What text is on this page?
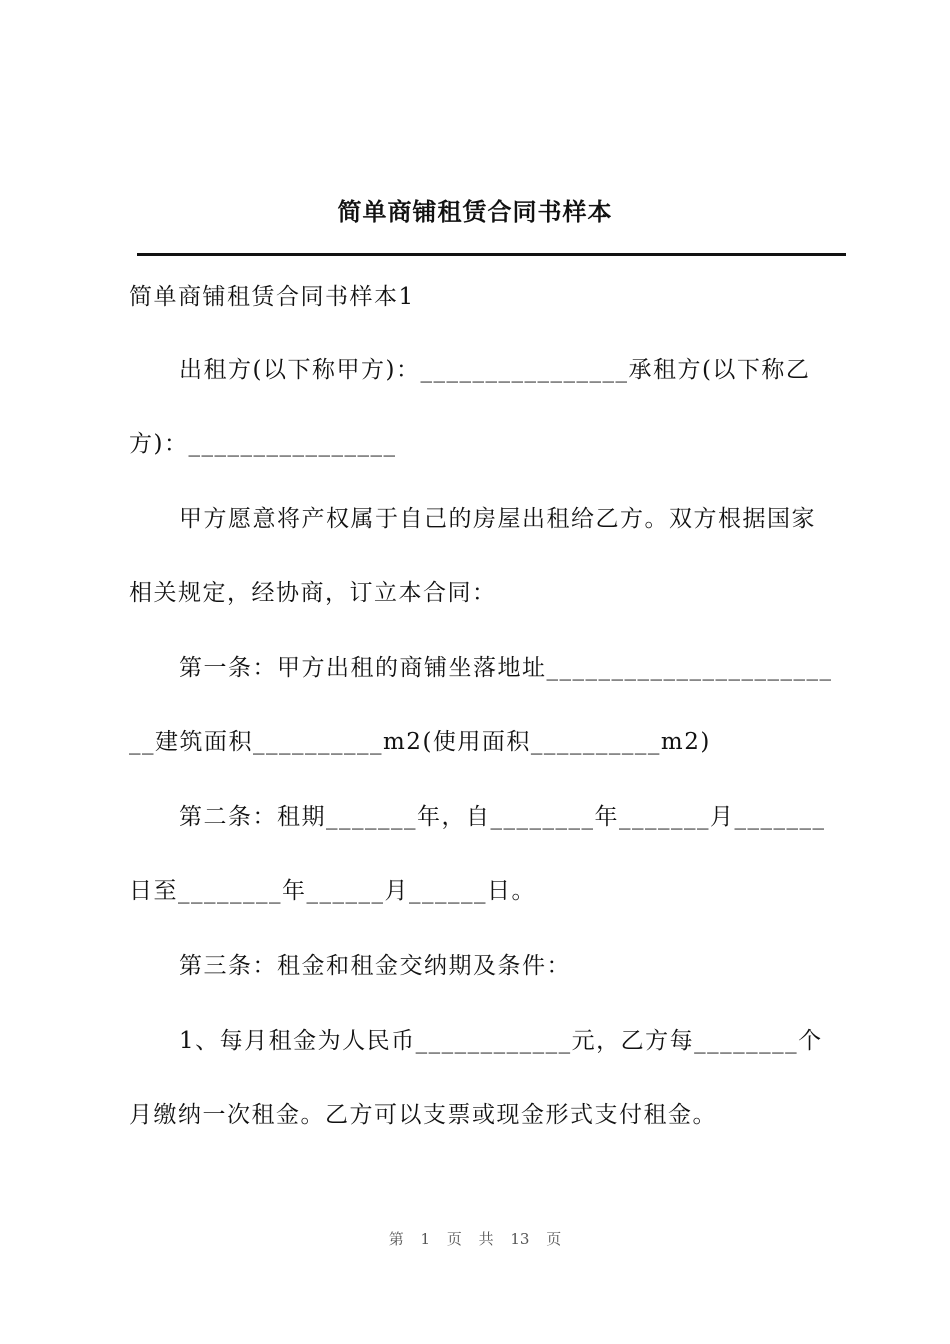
简单商铺租赁合同书样本
简单商铺租赁合同书样本1
出租方(以下称甲方)：________________承租方(以下称乙
方)：________________
甲方愿意将产权属于自己的房屋出租给乙方。双方根据国家
相关规定，经协商，订立本合同：
第一条：甲方出租的商铺坐落地址______________________
__建筑面积__________m2(使用面积__________m2)
第二条：租期_______年，自________年_______月_______
日至________年______月______日。
第三条：租金和租金交纳期及条件：
1、每月租金为人民币____________元，乙方每________个
月缴纳一次租金。乙方可以支票或现金形式支付租金。
第 1 页 共 13 页
